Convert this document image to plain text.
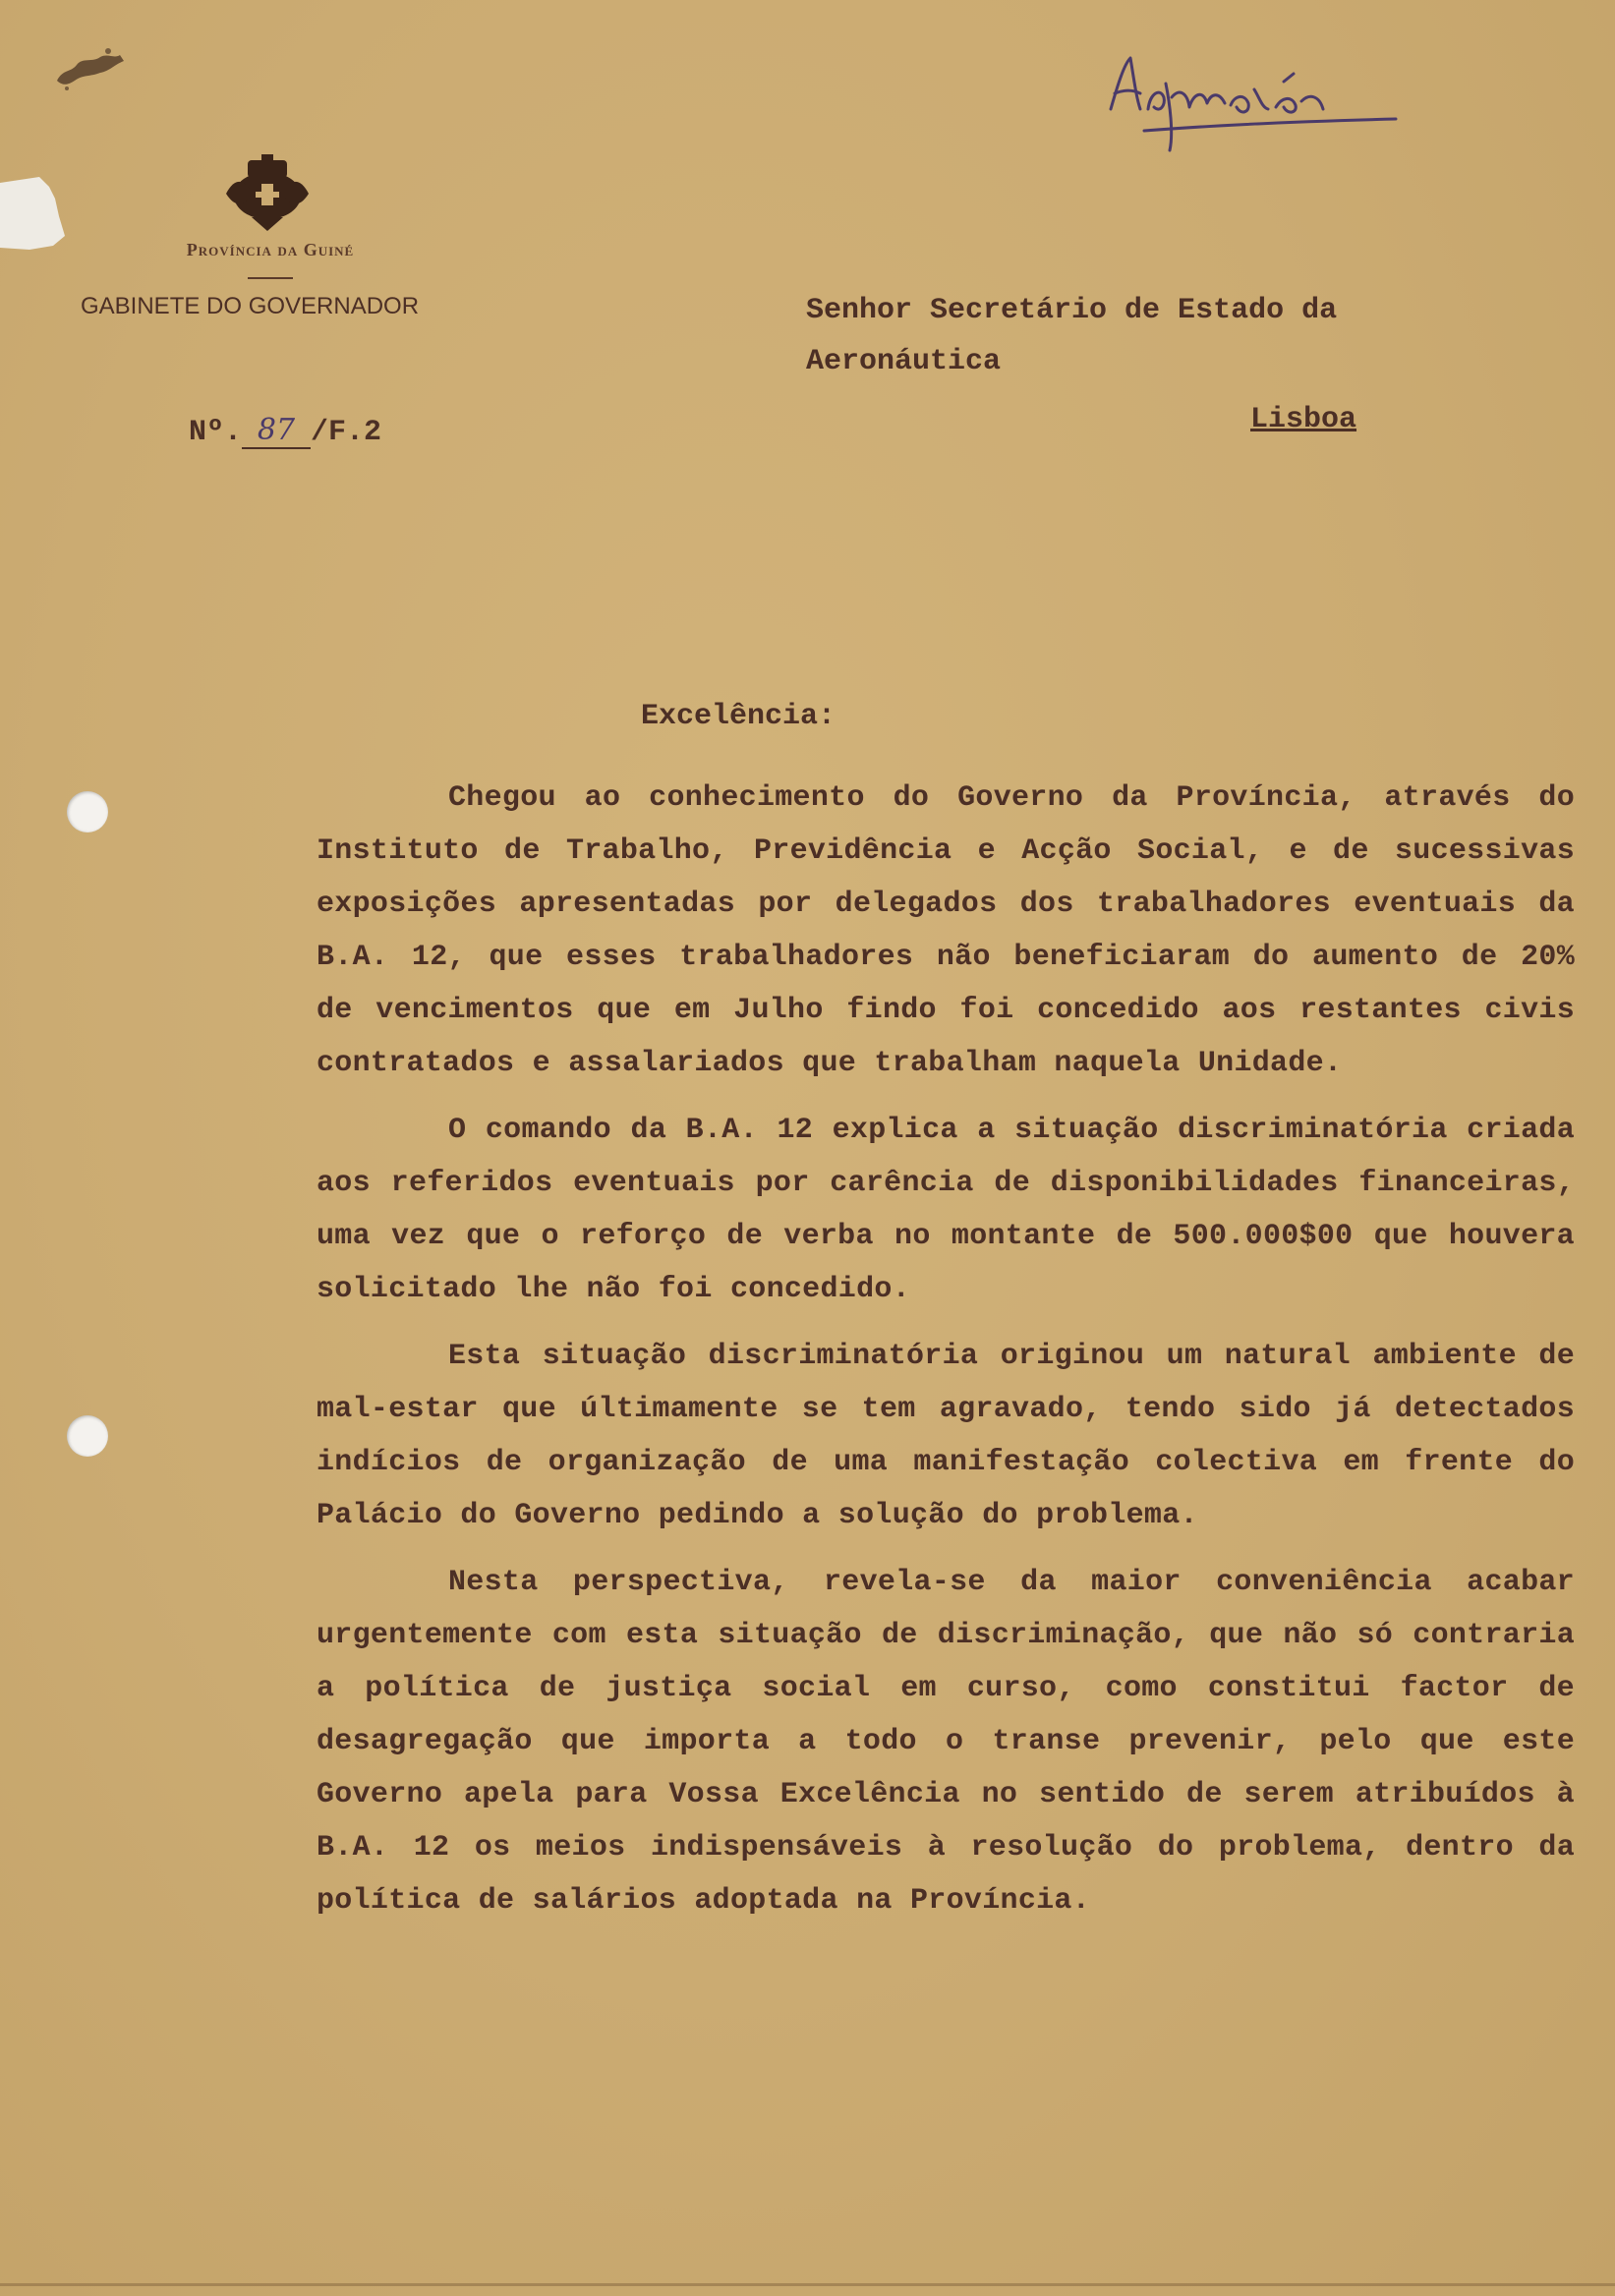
Província da Guiné
GABINETE DO GOVERNADOR
Nº. 87 /F.2
Senhor Secretário de Estado da Aeronáutica
Lisboa
Excelência:

Chegou ao conhecimento do Governo da Província, através do Instituto de Trabalho, Previdência e Acção Social, e de sucessivas exposições apresentadas por delegados dos trabalhadores eventuais da B.A. 12, que esses trabalhadores não beneficiaram do aumento de 20% de vencimentos que em Julho findo foi concedido aos restantes civis contratados e assalariados que trabalham naquela Unidade.

O comando da B.A. 12 explica a situação discriminatória criada aos referidos eventuais por carência de disponibilidades financeiras, uma vez que o reforço de verba no montante de 500.000$00 que houvera solicitado lhe não foi concedido.

Esta situação discriminatória originou um natural ambiente de mal-estar que últimamente se tem agravado, tendo sido já detectados indícios de organização de uma manifestação colectiva em frente do Palácio do Governo pedindo a solução do problema.

Nesta perspectiva, revela-se da maior conveniência acabar urgentemente com esta situação de discriminação, que não só contraria a política de justiça social em curso, como constitui factor de desagregação que importa a todo o transe prevenir, pelo que este Governo apela para Vossa Excelência no sentido de serem atribuídos à B.A. 12 os meios indispensáveis à resolução do problema, dentro da política de salários adoptada na Província.
